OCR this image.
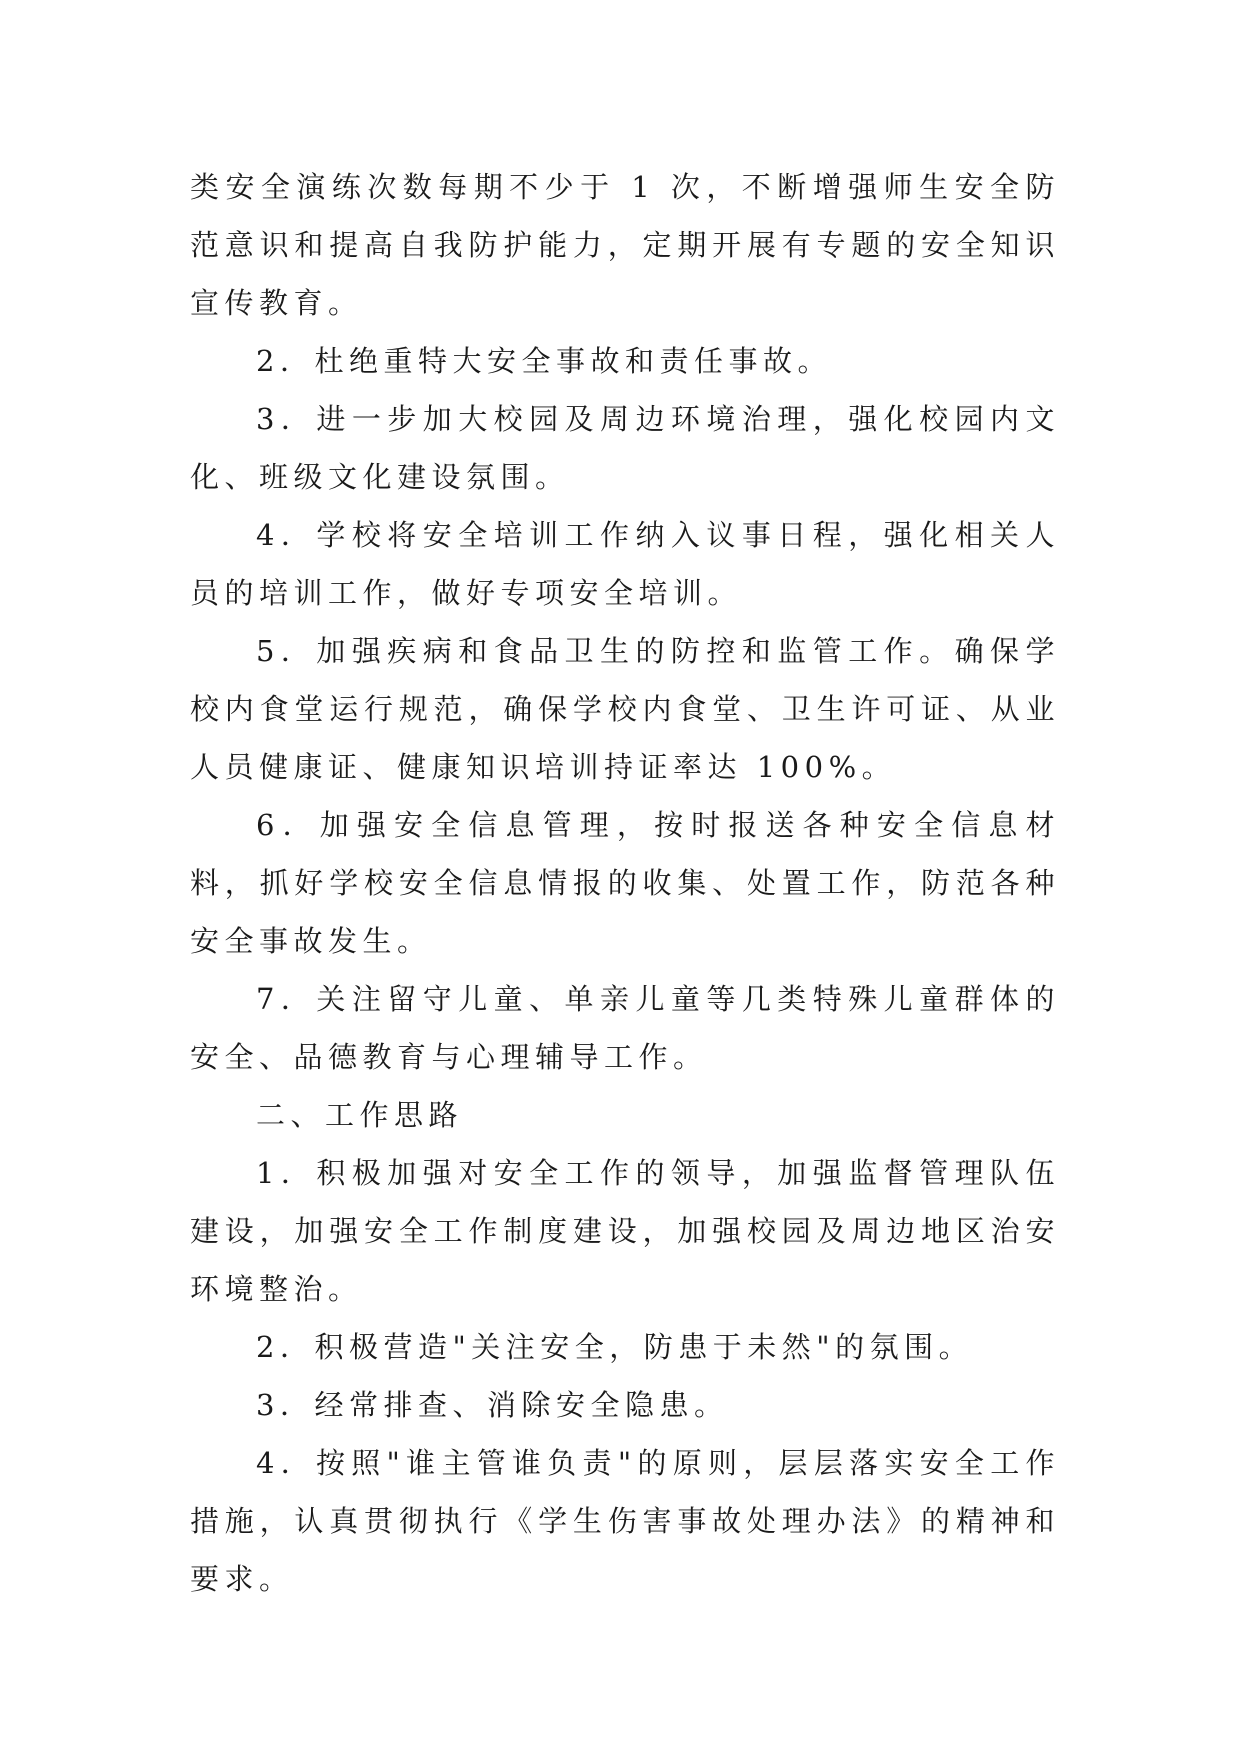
类安全演练次数每期不少于 1 次，不断增强师生安全防范意识和提高自我防护能力，定期开展有专题的安全知识宣传教育。

2．杜绝重特大安全事故和责任事故。

3．进一步加大校园及周边环境治理，强化校园内文化、班级文化建设氛围。

4．学校将安全培训工作纳入议事日程，强化相关人员的培训工作，做好专项安全培训。

5．加强疾病和食品卫生的防控和监管工作。确保学校内食堂运行规范，确保学校内食堂、卫生许可证、从业人员健康证、健康知识培训持证率达 100%。

6．加强安全信息管理，按时报送各种安全信息材料，抓好学校安全信息情报的收集、处置工作，防范各种安全事故发生。

7．关注留守儿童、单亲儿童等几类特殊儿童群体的安全、品德教育与心理辅导工作。

二、工作思路

1．积极加强对安全工作的领导，加强监督管理队伍建设，加强安全工作制度建设，加强校园及周边地区治安环境整治。

2．积极营造"关注安全，防患于未然"的氛围。

3．经常排查、消除安全隐患。

4．按照"谁主管谁负责"的原则，层层落实安全工作措施，认真贯彻执行《学生伤害事故处理办法》的精神和要求。
